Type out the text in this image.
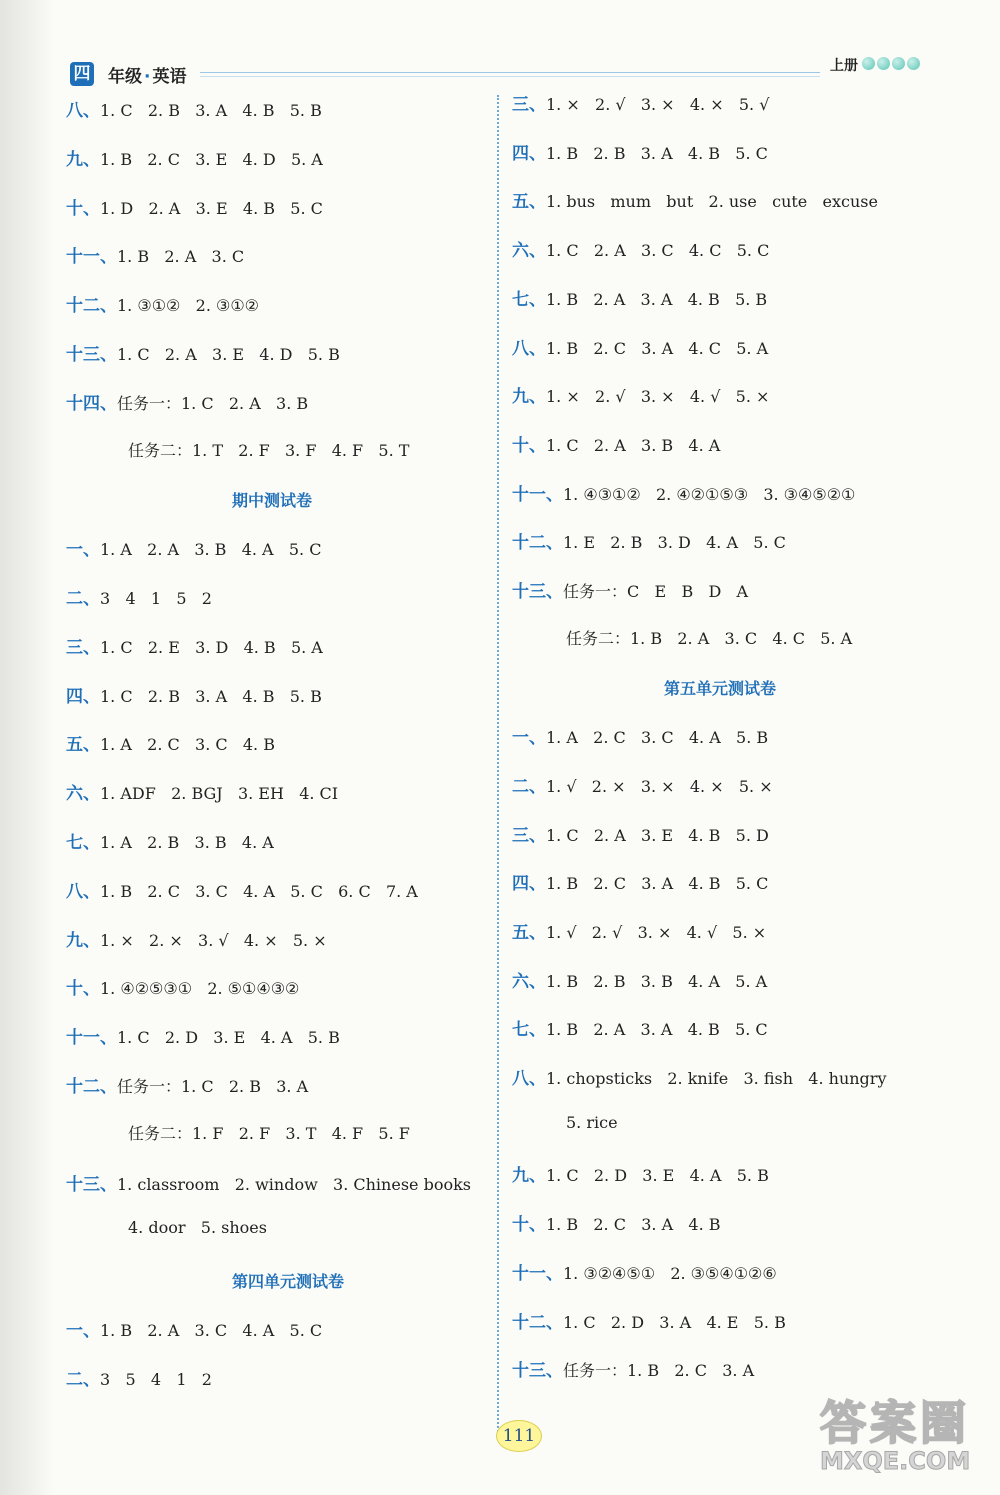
四 年级 · 英语
上册
八、1. C   2. B   3. A   4. B   5. B
九、1. B   2. C   3. E   4. D   5. A
十、1. D   2. A   3. E   4. B   5. C
十一、1. B   2. A   3. C
十二、1. ③①②   2. ③①②
十三、1. C   2. A   3. E   4. D   5. B
十四、任务一：1. C   2. A   3. B
任务二：1. T   2. F   3. F   4. F   5. T
期中测试卷
一、1. A   2. A   3. B   4. A   5. C
二、3   4   1   5   2
三、1. C   2. E   3. D   4. B   5. A
四、1. C   2. B   3. A   4. B   5. B
五、1. A   2. C   3. C   4. B
六、1. ADF   2. BGJ   3. EH   4. CI
七、1. A   2. B   3. B   4. A
八、1. B   2. C   3. C   4. A   5. C   6. C   7. A
九、1. ×   2. ×   3. √   4. ×   5. ×
十、1. ④②⑤③①   2. ⑤①④③②
十一、1. C   2. D   3. E   4. A   5. B
十二、任务一：1. C   2. B   3. A
任务二：1. F   2. F   3. T   4. F   5. F
十三、1. classroom   2. window   3. Chinese books
4. door   5. shoes
第四单元测试卷
一、1. B   2. A   3. C   4. A   5. C
二、3   5   4   1   2
三、1. ×   2. √   3. ×   4. ×   5. √
四、1. B   2. B   3. A   4. B   5. C
五、1. bus   mum   but   2. use   cute   excuse
六、1. C   2. A   3. C   4. C   5. C
七、1. B   2. A   3. A   4. B   5. B
八、1. B   2. C   3. A   4. C   5. A
九、1. ×   2. √   3. ×   4. √   5. ×
十、1. C   2. A   3. B   4. A
十一、1. ④③①②   2. ④②①⑤③   3. ③④⑤②①
十二、1. E   2. B   3. D   4. A   5. C
十三、任务一：C   E   B   D   A
任务二：1. B   2. A   3. C   4. C   5. A
第五单元测试卷
一、1. A   2. C   3. C   4. A   5. B
二、1. √   2. ×   3. ×   4. ×   5. ×
三、1. C   2. A   3. E   4. B   5. D
四、1. B   2. C   3. A   4. B   5. C
五、1. √   2. √   3. ×   4. √   5. ×
六、1. B   2. B   3. B   4. A   5. A
七、1. B   2. A   3. A   4. B   5. C
八、1. chopsticks   2. knife   3. fish   4. hungry
5. rice
九、1. C   2. D   3. E   4. A   5. B
十、1. B   2. C   3. A   4. B
十一、1. ③②④⑤①   2. ③⑤④①②⑥
十二、1. C   2. D   3. A   4. E   5. B
十三、任务一：1. B   2. C   3. A
111	答案圈
MXQE.COM
